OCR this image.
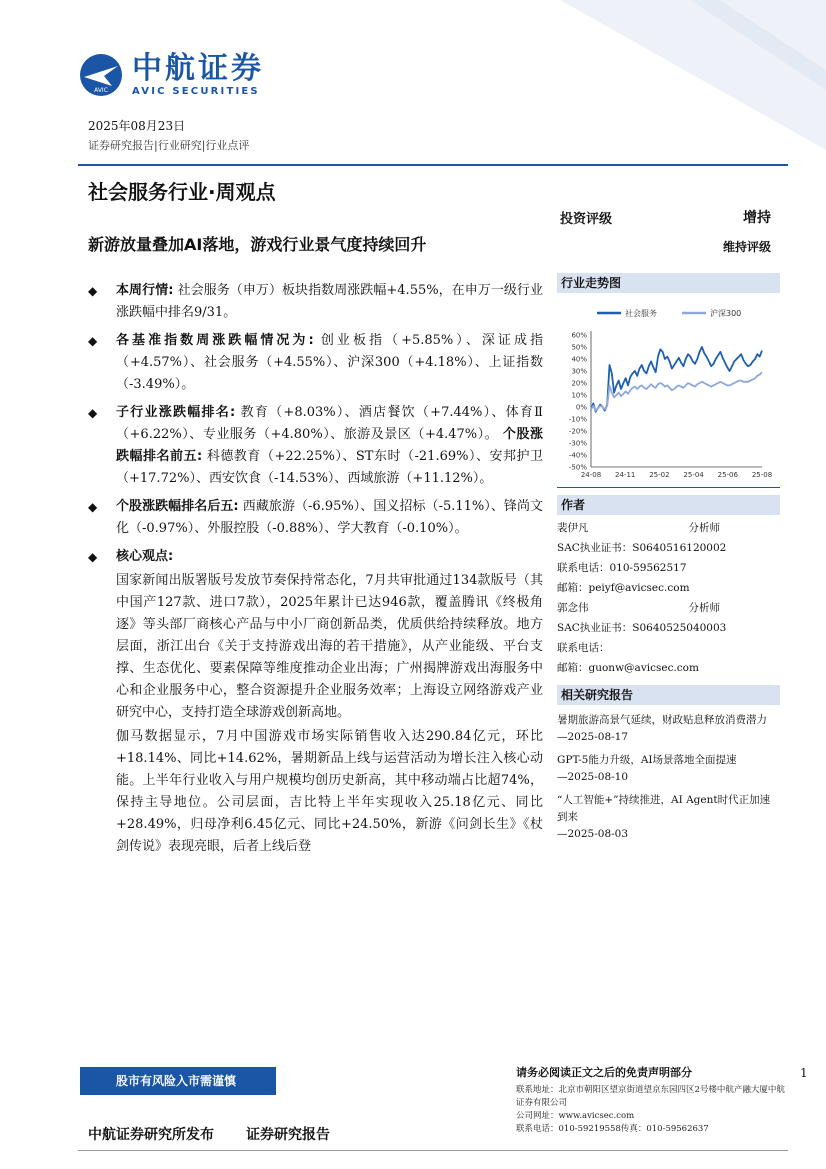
AVIC
中航证券
AVIC SECURITIES
2025年08月23日
证券研究报告|行业研究|行业点评
社会服务行业·周观点
新游放量叠加AI落地，游戏行业景气度持续回升
投资评级	增持
维持评级
◆ 本周行情: 社会服务（申万）板块指数周涨跌幅+4.55%，在申万一级行业涨跌幅中排名9/31。
◆ 各基准指数周涨跌幅情况为: 创业板指（+5.85%）、深证成指（+4.57%）、社会服务（+4.55%）、沪深300（+4.18%）、上证指数（-3.49%）。
◆ 子行业涨跌幅排名: 教育（+8.03%）、酒店餐饮（+7.44%）、体育Ⅱ（+6.22%）、专业服务（+4.80%）、旅游及景区（+4.47%）。 个股涨跌幅排名前五: 科德教育（+22.25%）、ST东时（-21.69%）、安邦护卫（+17.72%）、西安饮食（-14.53%）、西域旅游（+11.12%）。
◆ 个股涨跌幅排名后五: 西藏旅游（-6.95%）、国义招标（-5.11%）、锋尚文化（-0.97%）、外服控股（-0.88%）、学大教育（-0.10%）。
◆ 核心观点:
国家新闻出版署版号发放节奏保持常态化，7月共审批通过134款版号（其中国产127款、进口7款），2025年累计已达946款，覆盖腾讯《终极角逐》等头部厂商核心产品与中小厂商创新品类，优质供给持续释放。地方层面，浙江出台《关于支持游戏出海的若干措施》，从产业能级、平台支撑、生态优化、要素保障等维度推动企业出海；广州揭牌游戏出海服务中心和企业服务中心，整合资源提升企业服务效率；上海设立网络游戏产业研究中心，支持打造全球游戏创新高地。
伽马数据显示，7月中国游戏市场实际销售收入达290.84亿元，环比+18.14%、同比+14.62%，暑期新品上线与运营活动为增长注入核心动能。上半年行业收入与用户规模均创历史新高，其中移动端占比超74%，保持主导地位。公司层面，吉比特上半年实现收入25.18亿元、同比+28.49%，归母净利6.45亿元、同比+24.50%，新游《问剑长生》《杖剑传说》表现亮眼，后者上线后登
行业走势图
社会服务	沪深300
60%
50%
40%
30%
20%
10%
0%
-10%
-20%
-30%
-40%
-50%
24-08 24-11 25-02 25-04 25-06 25-08
作者
裴伊凡	分析师
SAC执业证书：S0640516120002
联系电话：010-59562517
邮箱：peiyf@avicsec.com
郭念伟	分析师
SAC执业证书：S0640525040003
联系电话：
邮箱：guonw@avicsec.com
相关研究报告
暑期旅游高景气延续，财政贴息释放消费潜力
—2025-08-17
GPT-5能力升级，AI场景落地全面提速
—2025-08-10
“人工智能+”持续推进，AI Agent时代正加速到来
—2025-08-03
股市有风险入市需谨慎
请务必阅读正文之后的免责声明部分
联系地址：北京市朝阳区望京街道望京东园四区2号楼中航产融大厦中航证券有限公司
公司网址：www.avicsec.com
联系电话：010-59219558传真：010-59562637
1
中航证券研究所发布 证券研究报告
